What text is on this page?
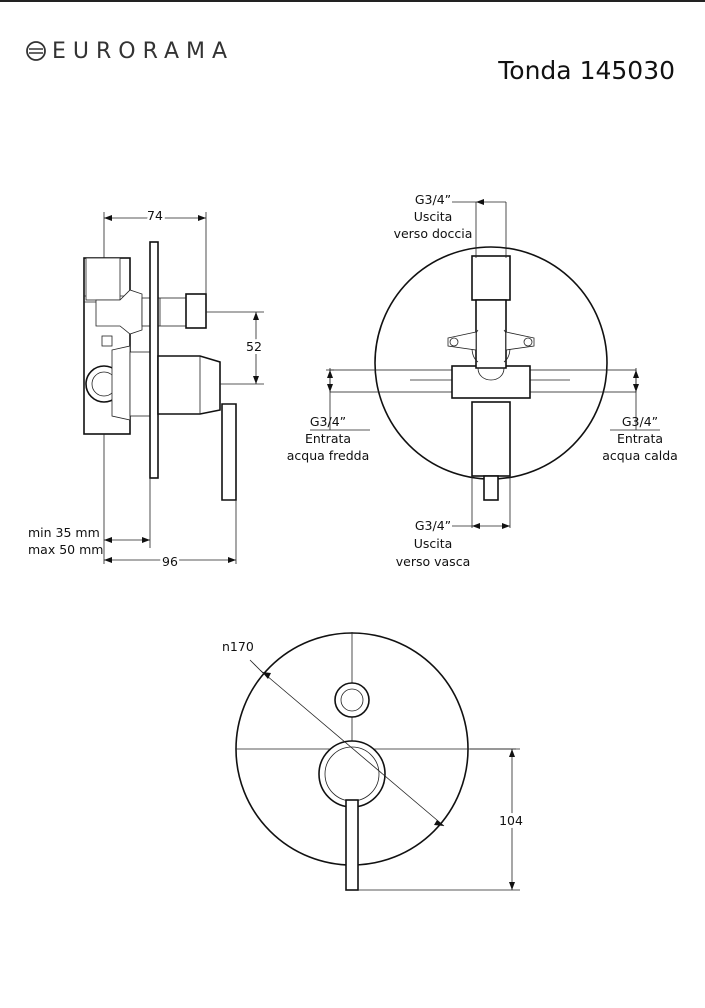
EURORAMA
Tonda 145030
74
52
min 35 mm
max 50 mm
96
G3/4”
Uscita
verso doccia
G3/4”
Entrata
acqua fredda
G3/4”
Entrata
acqua calda
G3/4”
Uscita
verso vasca
n170
104
